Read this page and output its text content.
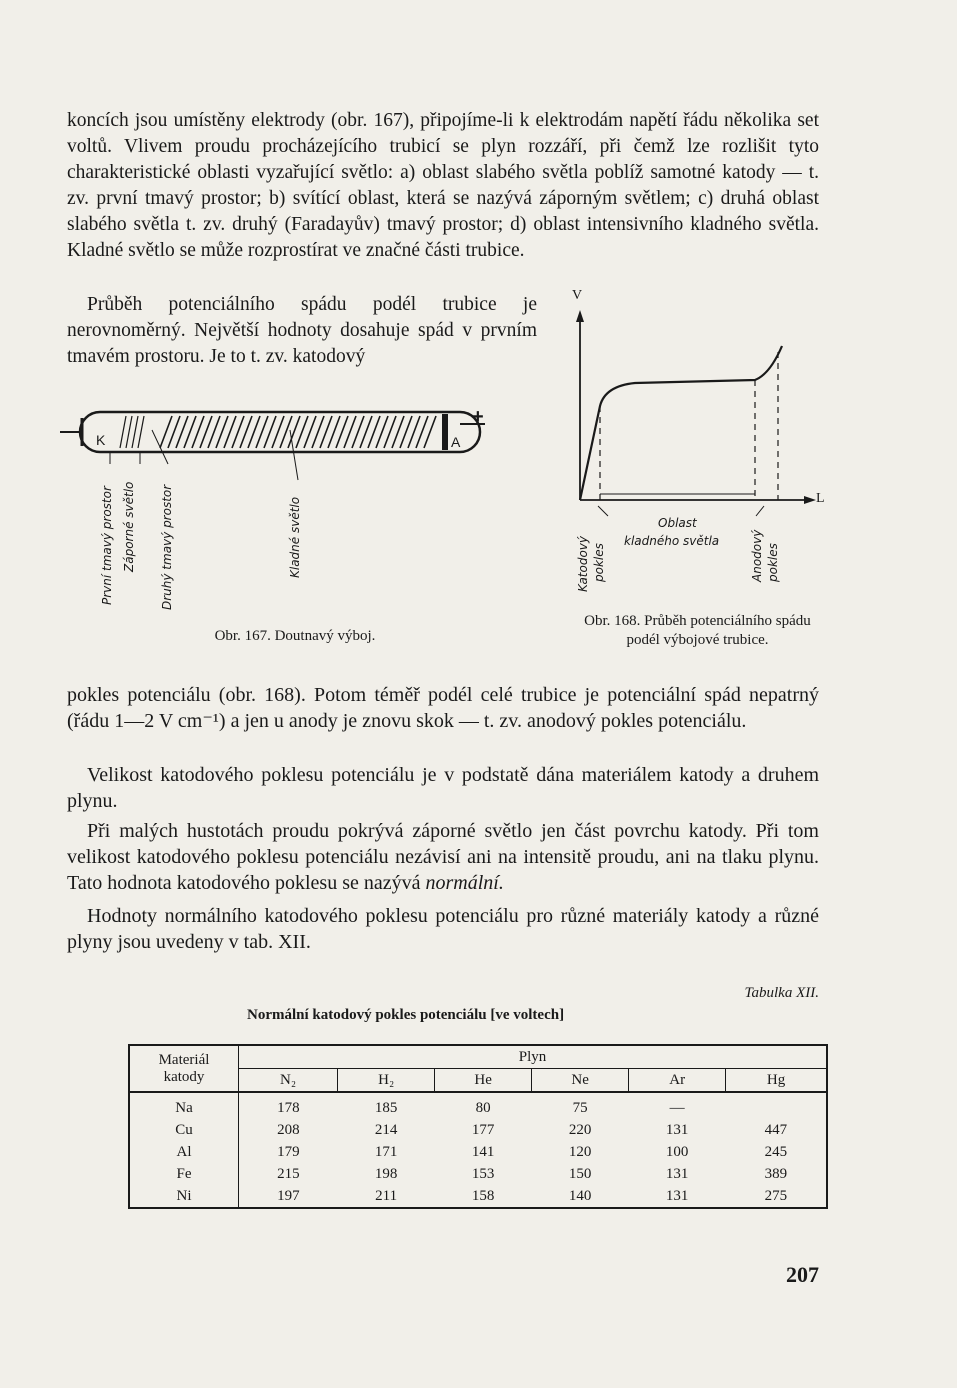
koncích jsou umístěny elektrody (obr. 167), připojíme-li k elektrodám napětí řádu několika set voltů. Vlivem proudu procházejícího trubicí se plyn rozzáří, při čemž lze rozlišit tyto charakteristické oblasti vyzařující světlo: a) oblast slabého světla poblíž samotné katody — t. zv. první tmavý prostor; b) svítící oblast, která se nazývá záporným světlem; c) druhá oblast slabého světla t. zv. druhý (Faradayův) tmavý prostor; d) oblast intensivního kladného světla. Kladné světlo se může rozprostírat ve značné části trubice.
Průběh potenciálního spádu podél trubice je nerovnoměrný. Největší hodnoty dosahuje spád v prvním tmavém prostoru. Je to t. zv. katodový
K	A
+
První tmavý prostor Záporné světlo Druhý tmavý prostor	Kladné světlo
Obr. 167. Doutnavý výboj.
V
L
Oblast
kladného světla
Katodový pokles	Anodový pokles
Obr. 168. Průběh potenciálního spádu podél výbojové trubice.
pokles potenciálu (obr. 168). Potom téměř podél celé trubice je potenciální spád nepatrný (řádu 1—2 V cm⁻¹) a jen u anody je znovu skok — t. zv. anodový pokles potenciálu.
Velikost katodového poklesu potenciálu je v podstatě dána materiálem katody a druhem plynu.
Při malých hustotách proudu pokrývá záporné světlo jen část povrchu katody. Při tom velikost katodového poklesu potenciálu nezávisí ani na intensitě proudu, ani na tlaku plynu. Tato hodnota katodového poklesu se nazývá normální.
Hodnoty normálního katodového poklesu potenciálu pro různé materiály katody a různé plyny jsou uvedeny v tab. XII.
Tabulka XII.
Normální katodový pokles potenciálu [ve voltech]
Materiál katody	Plyn					
	N₂	H₂	He	Ne	Ar	Hg
Na	178	185	80	75	—	
Cu	208	214	177	220	131	447
Al	179	171	141	120	100	245
Fe	215	198	153	150	131	389
Ni	197	211	158	140	131	275
207
